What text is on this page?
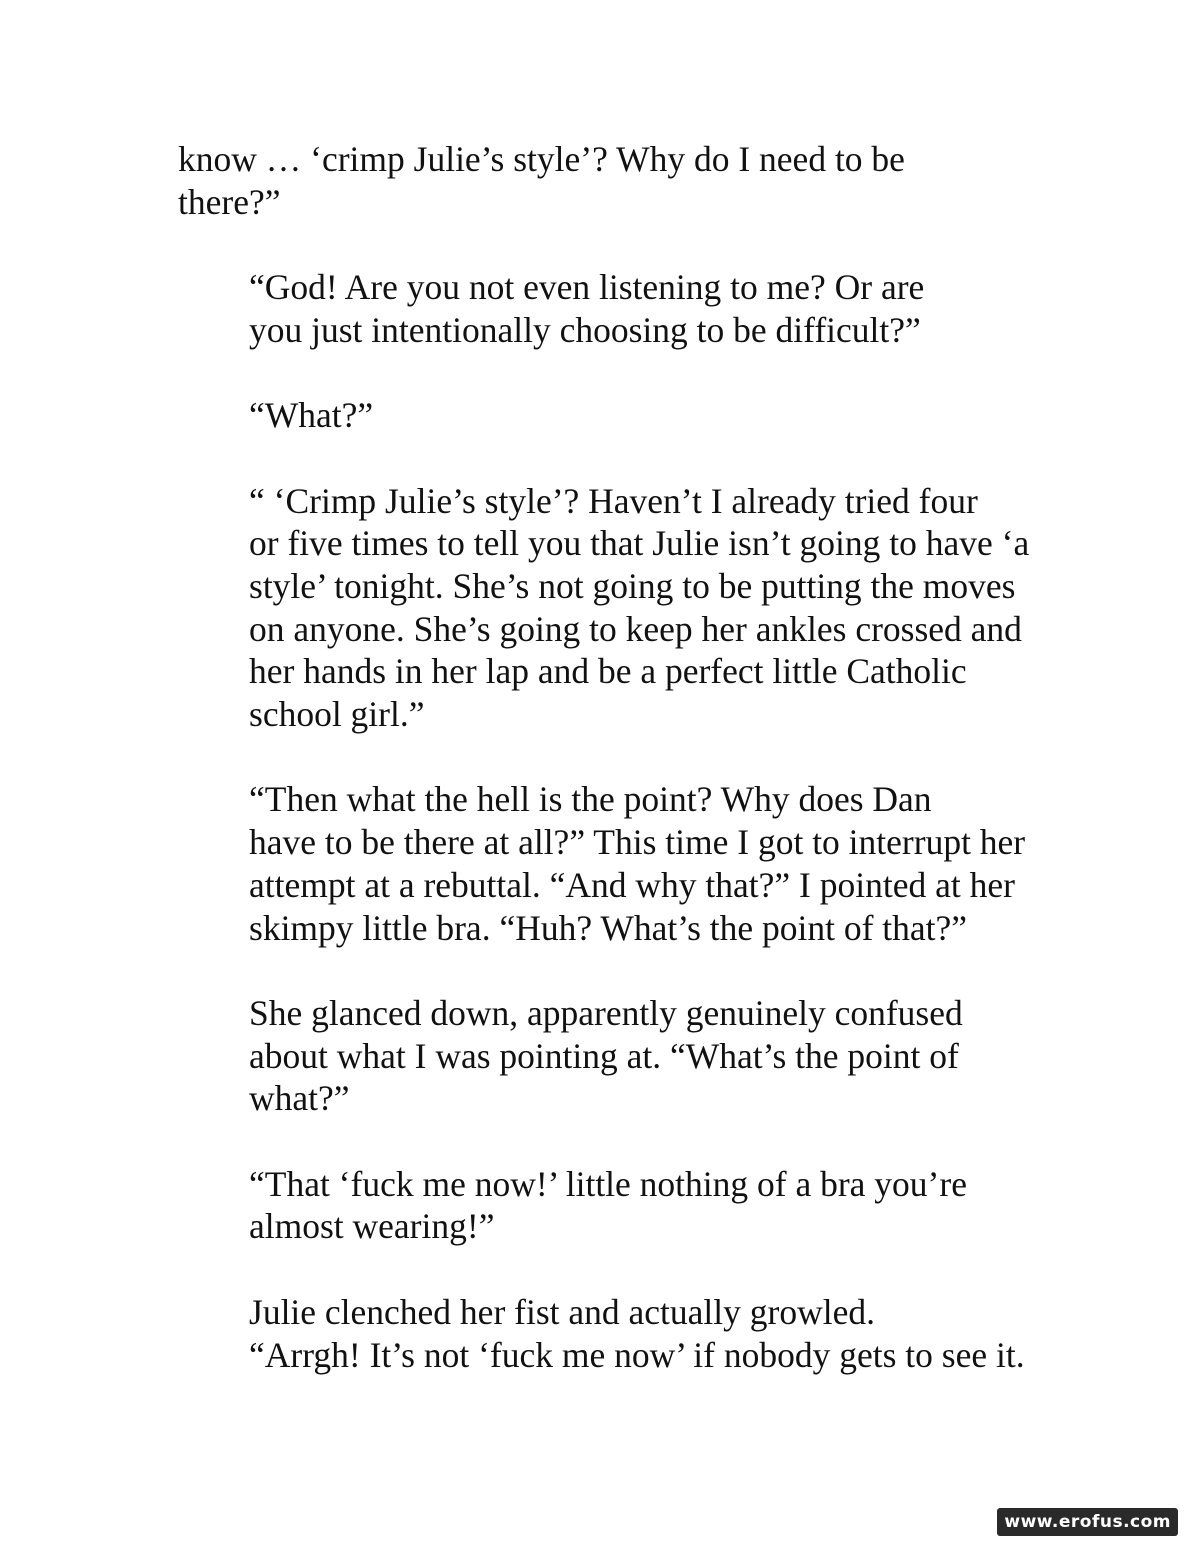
know … ‘crimp Julie’s style’? Why do I need to be
there?”

“God! Are you not even listening to me? Or are
you just intentionally choosing to be difficult?”

“What?”

“ ‘Crimp Julie’s style’? Haven’t I already tried four
or five times to tell you that Julie isn’t going to have ‘a
style’ tonight. She’s not going to be putting the moves
on anyone. She’s going to keep her ankles crossed and
her hands in her lap and be a perfect little Catholic
school girl.”

“Then what the hell is the point? Why does Dan
have to be there at all?” This time I got to interrupt her
attempt at a rebuttal. “And why that?” I pointed at her
skimpy little bra. “Huh? What’s the point of that?”

She glanced down, apparently genuinely confused
about what I was pointing at. “What’s the point of
what?”

“That ‘fuck me now!’ little nothing of a bra you’re
almost wearing!”

Julie clenched her fist and actually growled.
“Arrgh! It’s not ‘fuck me now’ if nobody gets to see it.

www.erofus.com
